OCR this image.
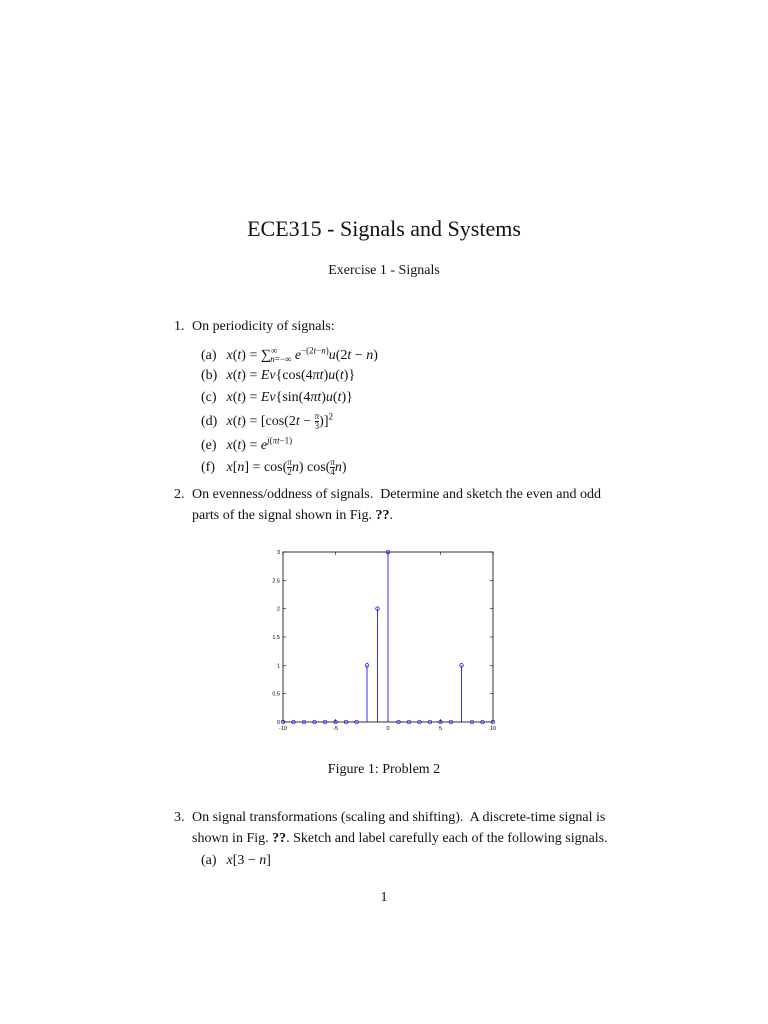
ECE315 - Signals and Systems
Exercise 1 - Signals
1. On periodicity of signals:
(a) $x(t) = \sum^\infty_{n=-\infty}$ $e^{-(2t-n)}u(2t - n)$
(b) x(t) = Ev{cos(4πt)u(t)}
(c) x(t) = Ev{sin(4πt)u(t)}
(d) $x(t) = [\cos(2t - \frac{\pi}{3} )]^2$
(e) $x(t) = e^{j(\pi t-1)}$
(f) $x[n] = \cos( \frac{\pi}{2} n)$ $\cos( \frac{\pi}{4} n)$
2. On evenness/oddness of signals.  Determine and sketch the even and odd
parts of the signal shown in Fig. ??.
0
0.5
1
1.5
2
2.5
3
-10	-5	0	5	10
Figure 1: Problem 2
3. On signal transformations (scaling and shifting).  A discrete-time signal is
shown in Fig. ??. Sketch and label carefully each of the following signals.
(a) x[3 − n]
1
